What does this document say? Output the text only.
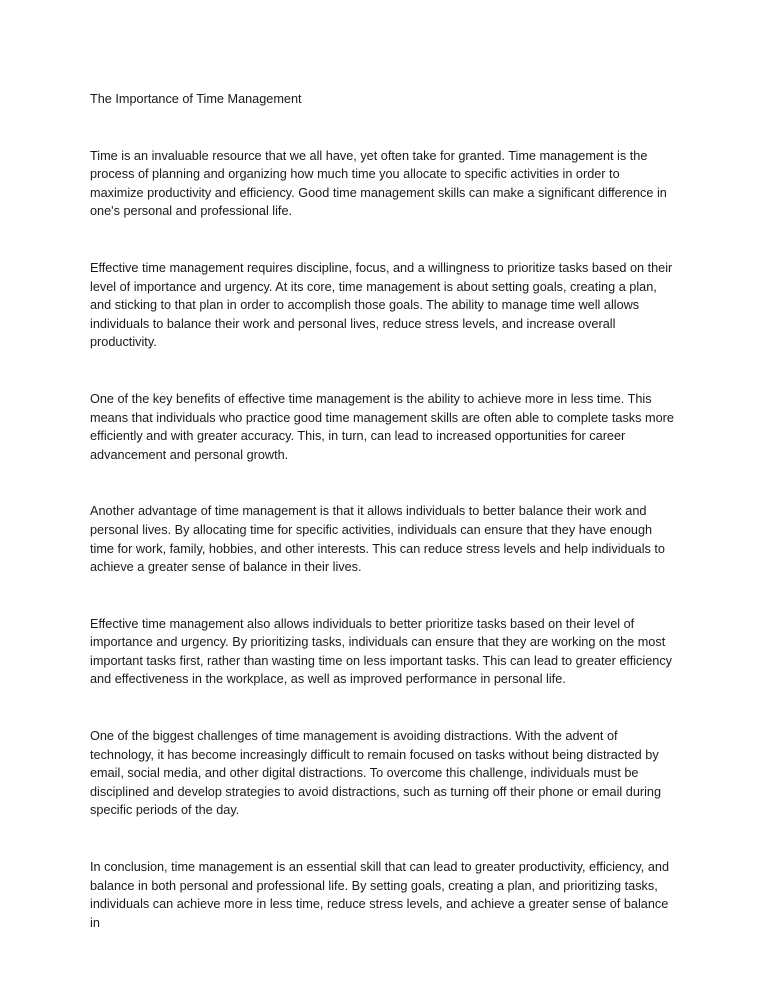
The Importance of Time Management

Time is an invaluable resource that we all have, yet often take for granted. Time management is the process of planning and organizing how much time you allocate to specific activities in order to maximize productivity and efficiency. Good time management skills can make a significant difference in one's personal and professional life.

Effective time management requires discipline, focus, and a willingness to prioritize tasks based on their level of importance and urgency. At its core, time management is about setting goals, creating a plan, and sticking to that plan in order to accomplish those goals. The ability to manage time well allows individuals to balance their work and personal lives, reduce stress levels, and increase overall productivity.

One of the key benefits of effective time management is the ability to achieve more in less time. This means that individuals who practice good time management skills are often able to complete tasks more efficiently and with greater accuracy. This, in turn, can lead to increased opportunities for career advancement and personal growth.

Another advantage of time management is that it allows individuals to better balance their work and personal lives. By allocating time for specific activities, individuals can ensure that they have enough time for work, family, hobbies, and other interests. This can reduce stress levels and help individuals to achieve a greater sense of balance in their lives.

Effective time management also allows individuals to better prioritize tasks based on their level of importance and urgency. By prioritizing tasks, individuals can ensure that they are working on the most important tasks first, rather than wasting time on less important tasks. This can lead to greater efficiency and effectiveness in the workplace, as well as improved performance in personal life.

One of the biggest challenges of time management is avoiding distractions. With the advent of technology, it has become increasingly difficult to remain focused on tasks without being distracted by email, social media, and other digital distractions. To overcome this challenge, individuals must be disciplined and develop strategies to avoid distractions, such as turning off their phone or email during specific periods of the day.

In conclusion, time management is an essential skill that can lead to greater productivity, efficiency, and balance in both personal and professional life. By setting goals, creating a plan, and prioritizing tasks, individuals can achieve more in less time, reduce stress levels, and achieve a greater sense of balance in
